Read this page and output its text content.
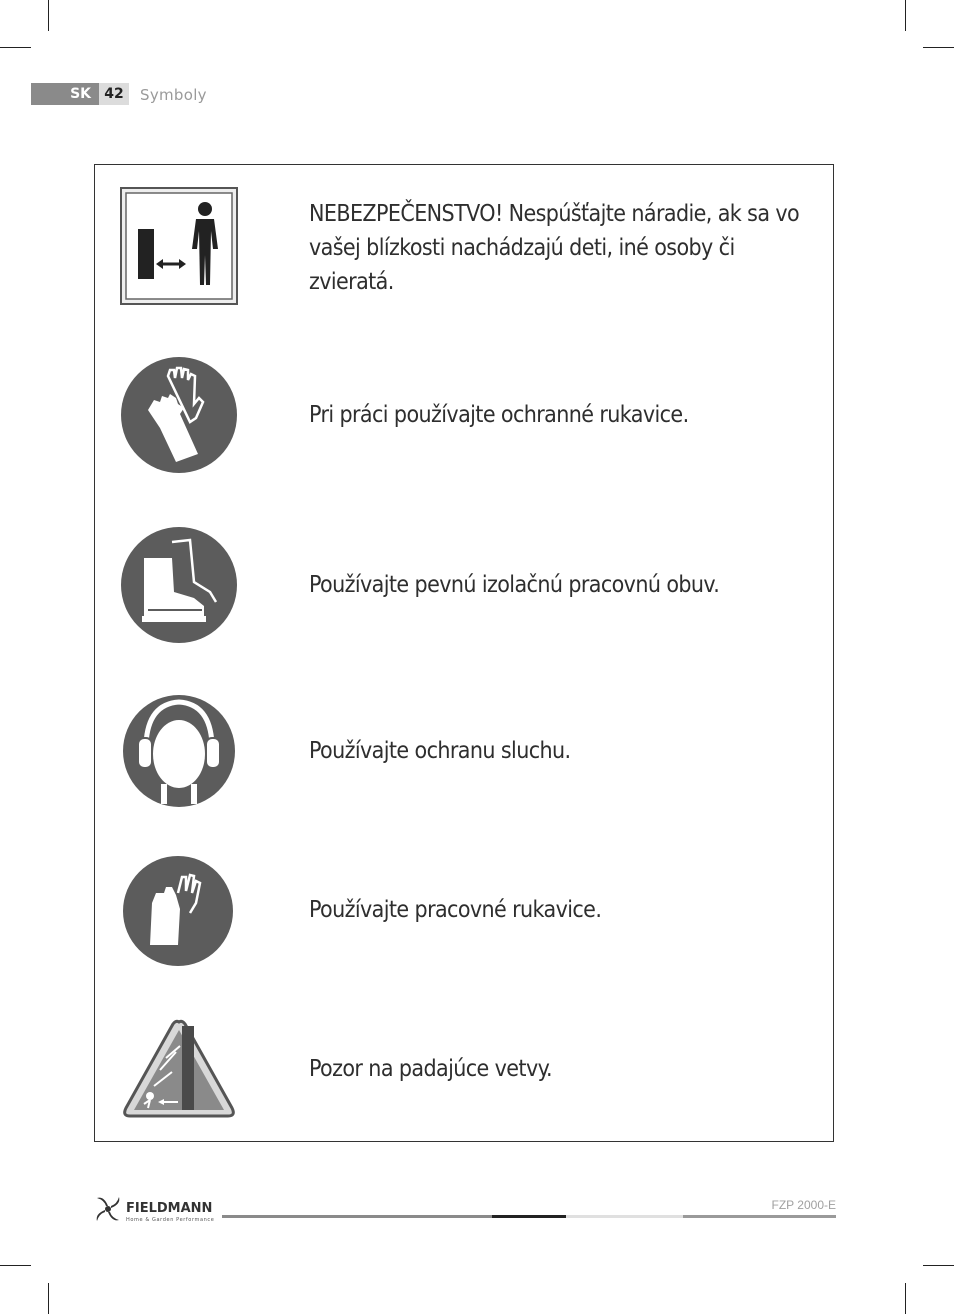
SK 42	Symboly
NEBEZPEČENSTVO! Nespúšťajte náradie, ak sa vo vašej blízkosti nachádzajú deti, iné osoby či zvieratá.
Pri práci používajte ochranné rukavice.
Používajte pevnú izolačnú pracovnú obuv.
Používajte ochranu sluchu.
Používajte pracovné rukavice.
Pozor na padajúce vetvy.
FIELDMANN
Home & Garden Performance
FZP 2000-E
